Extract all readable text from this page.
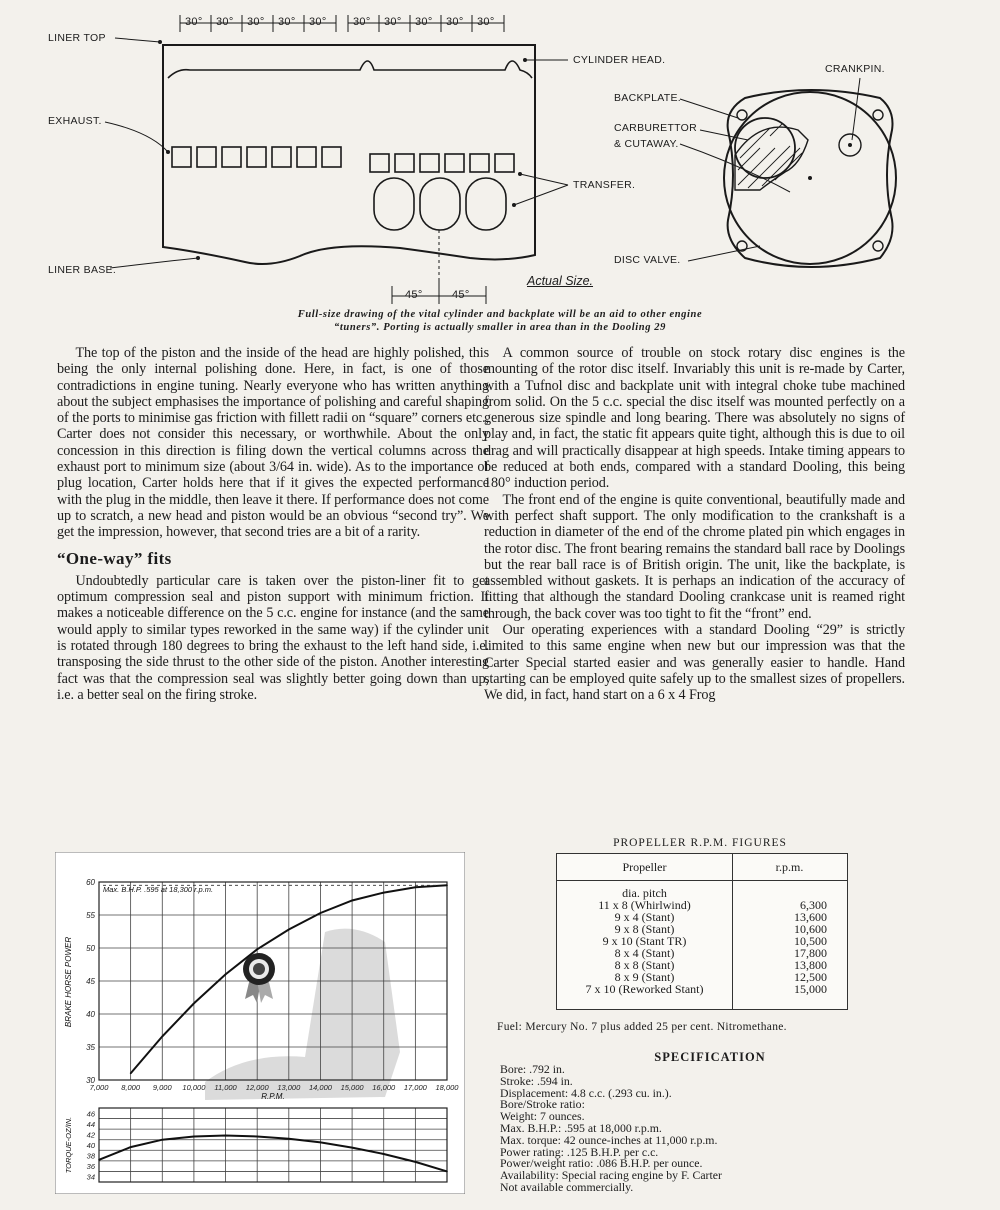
30° 30° 30° 30° 30° 30° 30° 30° 30° 30°
45°	45°
LINER TOP
EXHAUST.
LINER BASE.
CYLINDER HEAD.
TRANSFER.
CRANKPIN.
BACKPLATE.
CARBURETTOR
& CUTAWAY.
DISC VALVE.
Actual Size.
Full-size drawing of the vital cylinder and backplate will be an aid to other engine
“tuners”. Porting is actually smaller in area than in the Dooling 29

The top of the piston and the inside of the head are highly polished, this being the only internal polishing done. Here, in fact, is one of those contradictions in engine tuning. Nearly everyone who has written anything about the subject emphasises the importance of polishing and careful shaping of the ports to minimise gas friction with fillett radii on “square” corners etc., Carter does not consider this necessary, or worthwhile. About the only concession in this direction is filing down the vertical columns across the exhaust port to minimum size (about 3/64 in. wide). As to the importance of plug location, Carter holds here that if it gives the expected performance with the plug in the middle, then leave it there. If performance does not come up to scratch, a new head and piston would be an obvious “second try”. We get the impression, however, that second tries are a bit of a rarity.

“One-way” fits

Undoubtedly particular care is taken over the piston-liner fit to get optimum compression seal and piston support with minimum friction. It makes a noticeable difference on the 5 c.c. engine for instance (and the same would apply to similar types reworked in the same way) if the cylinder unit is rotated through 180 degrees to bring the exhaust to the left hand side, i.e. transposing the side thrust to the other side of the piston. Another interesting fact was that the compression seal was slightly better going down than up, i.e. a better seal on the firing stroke.

A common source of trouble on stock rotary disc engines is the mounting of the rotor disc itself. Invariably this unit is re-made by Carter, with a Tufnol disc and backplate unit with integral choke tube machined from solid. On the 5 c.c. special the disc itself was mounted perfectly on a generous size spindle and long bearing. There was absolutely no signs of play and, in fact, the static fit appears quite tight, although this is due to oil drag and will practically disappear at high speeds. Intake timing appears to be reduced at both ends, compared with a standard Dooling, this being 180° induction period.

The front end of the engine is quite conventional, beautifully made and with perfect shaft support. The only modification to the crankshaft is a reduction in diameter of the end of the chrome plated pin which engages in the rotor disc. The front bearing remains the standard ball race by Doolings but the rear ball race is of British origin. The unit, like the backplate, is assembled without gaskets. It is perhaps an indication of the accuracy of fitting that although the standard Dooling crankcase unit is reamed right through, the back cover was too tight to fit the “front” end.

Our operating experiences with a standard Dooling “29” is strictly limited to this same engine when new but our impression was that the Carter Special started easier and was generally easier to handle. Hand starting can be employed quite safely up to the smallest sizes of propellers. We did, in fact, hand start on a 6 x 4 Frog

30
35
40
45
50
55
60
34
36
38
40
42
44
46
7,000 8,000 9,000 10,000 11,000 12,000 13,000 14,000 15,000 16,000 17,000 18,000
Max. B.H.P. .595 at 18,300 r.p.m.
R.P.M.
BRAKE HORSE POWER
TORQUE-OZ/IN.
PROPELLER R.P.M. FIGURES
Propeller	r.p.m.
dia. pitch
11 x 8 (Whirlwind)	6,300
9 x 4 (Stant)	13,600
9 x 8 (Stant)	10,600
9 x 10 (Stant TR)	10,500
8 x 4 (Stant)	17,800
8 x 8 (Stant)	13,800
8 x 9 (Stant)	12,500
7 x 10 (Reworked Stant)	15,000
Fuel: Mercury No. 7 plus added 25 per cent. Nitromethane.
SPECIFICATION
Bore: .792 in.
Stroke: .594 in.
Displacement: 4.8 c.c. (.293 cu. in.).
Bore/Stroke ratio:
Weight: 7 ounces.
Max. B.H.P.: .595 at 18,000 r.p.m.
Max. torque: 42 ounce-inches at 11,000 r.p.m.
Power rating: .125 B.H.P. per c.c.
Power/weight ratio: .086 B.H.P. per ounce.
Availability: Special racing engine by F. Carter
Not available commercially.
